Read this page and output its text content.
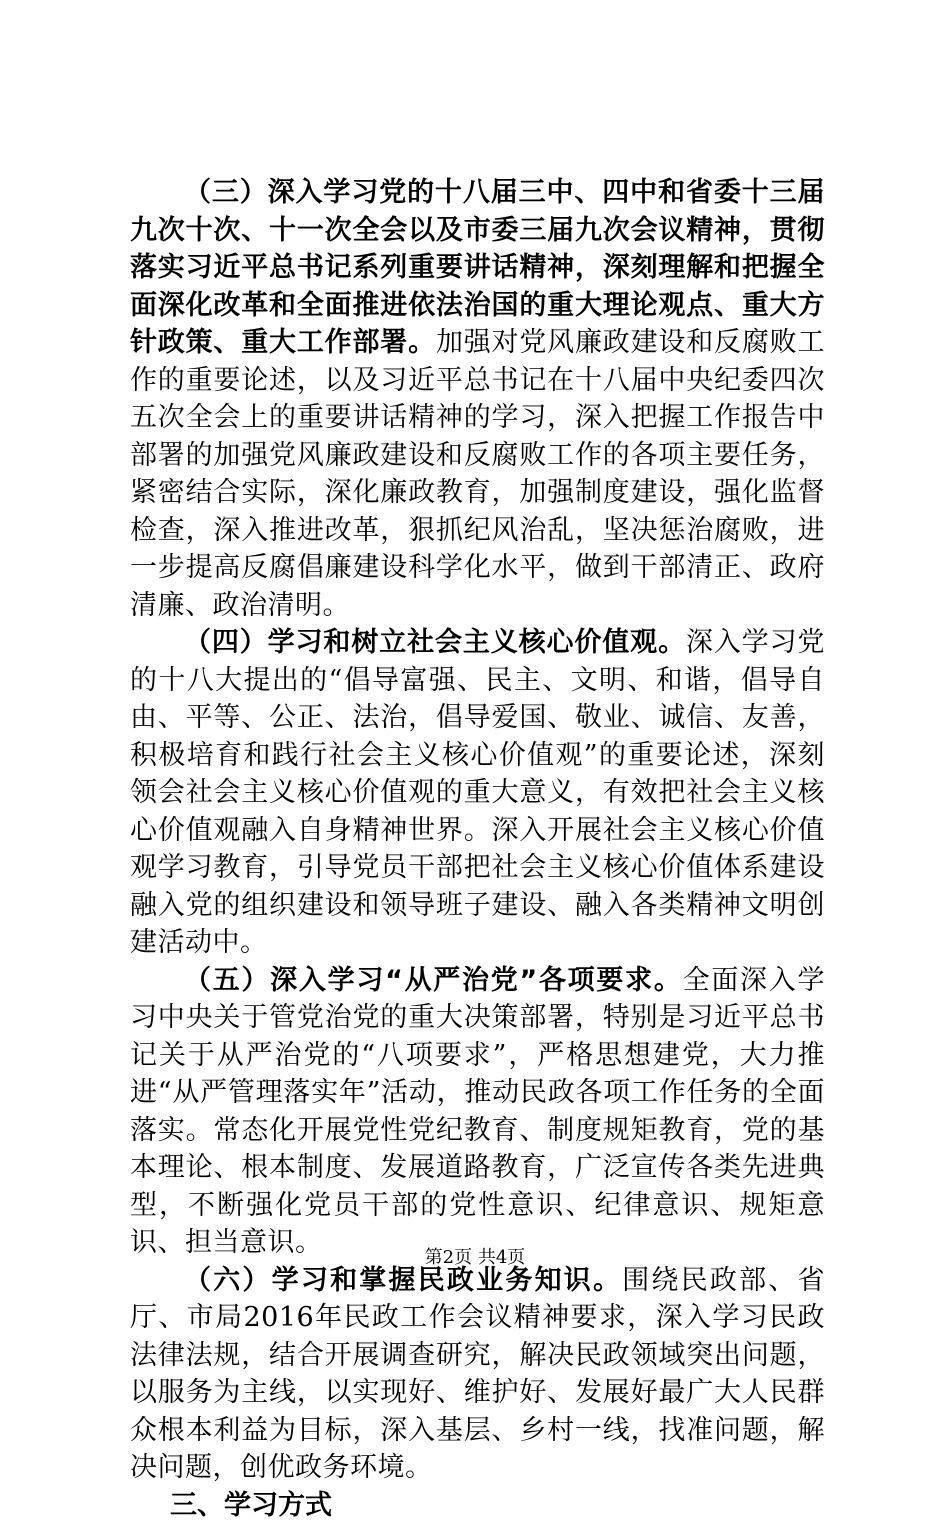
（三）深入学习党的十八届三中、四中和省委十三届九次十次、十一次全会以及市委三届九次会议精神，贯彻落实习近平总书记系列重要讲话精神，深刻理解和把握全面深化改革和全面推进依法治国的重大理论观点、重大方针政策、重大工作部署。加强对党风廉政建设和反腐败工作的重要论述，以及习近平总书记在十八届中央纪委四次五次全会上的重要讲话精神的学习，深入把握工作报告中部署的加强党风廉政建设和反腐败工作的各项主要任务，紧密结合实际，深化廉政教育，加强制度建设，强化监督检查，深入推进改革，狠抓纪风治乱，坚决惩治腐败，进一步提高反腐倡廉建设科学化水平，做到干部清正、政府清廉、政治清明。

（四）学习和树立社会主义核心价值观。深入学习党的十八大提出的“倡导富强、民主、文明、和谐，倡导自由、平等、公正、法治，倡导爱国、敬业、诚信、友善，积极培育和践行社会主义核心价值观”的重要论述，深刻领会社会主义核心价值观的重大意义，有效把社会主义核心价值观融入自身精神世界。深入开展社会主义核心价值观学习教育，引导党员干部把社会主义核心价值体系建设融入党的组织建设和领导班子建设、融入各类精神文明创建活动中。

（五）深入学习“从严治党”各项要求。全面深入学习中央关于管党治党的重大决策部署，特别是习近平总书记关于从严治党的“八项要求”，严格思想建党，大力推进“从严管理落实年”活动，推动民政各项工作任务的全面落实。常态化开展党性党纪教育、制度规矩教育，党的基本理论、根本制度、发展道路教育，广泛宣传各类先进典型，不断强化党员干部的党性意识、纪律意识、规矩意识、担当意识。

（六）学习和掌握民政业务知识。围绕民政部、省厅、市局2016年民政工作会议精神要求，深入学习民政法律法规，结合开展调查研究，解决民政领域突出问题，以服务为主线，以实现好、维护好、发展好最广大人民群众根本利益为目标，深入基层、乡村一线，找准问题，解决问题，创优政务环境。

三、学习方式

第2页 共4页
